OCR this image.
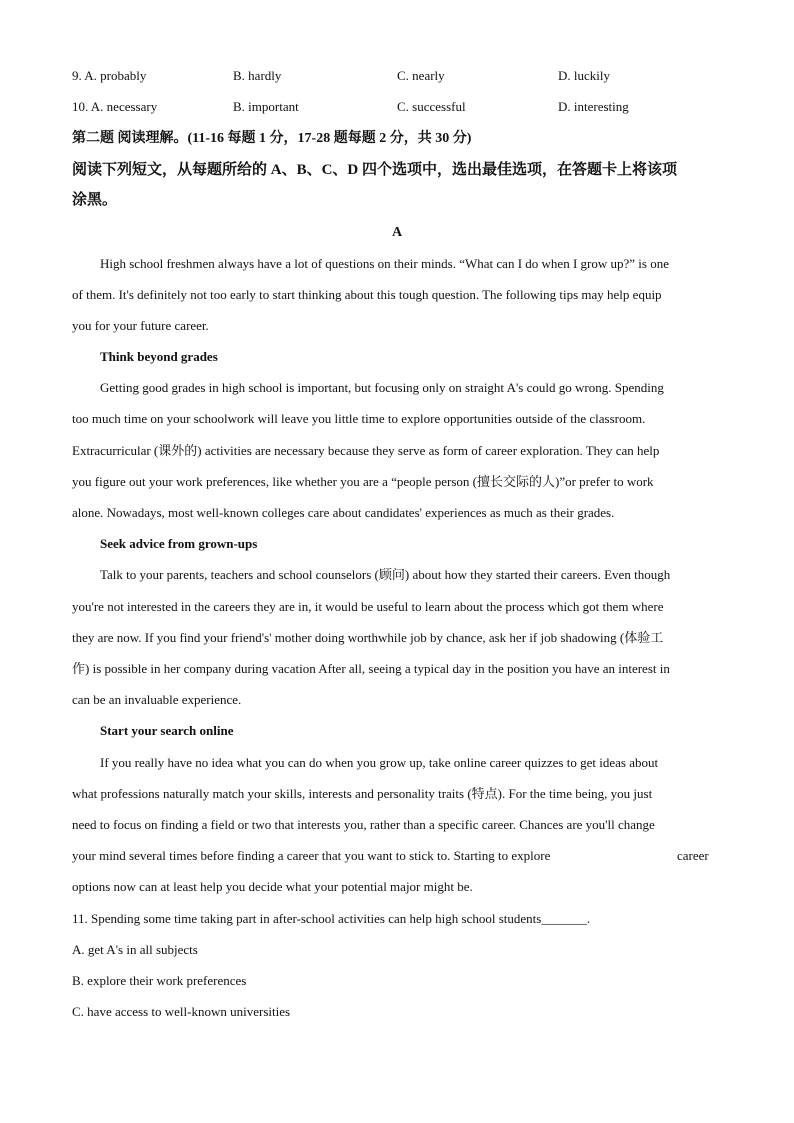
9. A. probably	B. hardly	C. nearly	D. luckily
10. A. necessary	B. important	C. successful	D. interesting
第二题 阅读理解。(11-16 每题 1 分，17-28 题每题 2 分，共 30 分)
阅读下列短文，从每题所给的 A、B、C、D 四个选项中，选出最佳选项，在答题卡上将该项
涂黑。
A
High school freshmen always have a lot of questions on their minds. “What can I do when I grow up?” is one
of them. It's definitely not too early to start thinking about this tough question. The following tips may help equip
you for your future career.
Think beyond grades
Getting good grades in high school is important, but focusing only on straight A's could go wrong. Spending
too much time on your schoolwork will leave you little time to explore opportunities outside of the classroom.
Extracurricular (课外的) activities are necessary because they serve as form of career exploration. They can help
you figure out your work preferences, like whether you are a “people person (擅长交际的人)”or prefer to work
alone. Nowadays, most well-known colleges care about candidates' experiences as much as their grades.
Seek advice from grown-ups
Talk to your parents, teachers and school counselors (顾问) about how they started their careers. Even though
you're not interested in the careers they are in, it would be useful to learn about the process which got them where
they are now. If you find your friend's' mother doing worthwhile job by chance, ask her if job shadowing (体验工
作) is possible in her company during vacation After all, seeing a typical day in the position you have an interest in
can be an invaluable experience.
Start your search online
If you really have no idea what you can do when you grow up, take online career quizzes to get ideas about
what professions naturally match your skills, interests and personality traits (特点). For the time being, you just
need to focus on finding a field or two that interests you, rather than a specific career. Chances are you'll change
your mind several times before finding a career that you want to stick to. Starting to explore	career
options now can at least help you decide what your potential major might be.
11. Spending some time taking part in after-school activities can help high school students_______.
A. get A's in all subjects
B. explore their work preferences
C. have access to well-known universities
